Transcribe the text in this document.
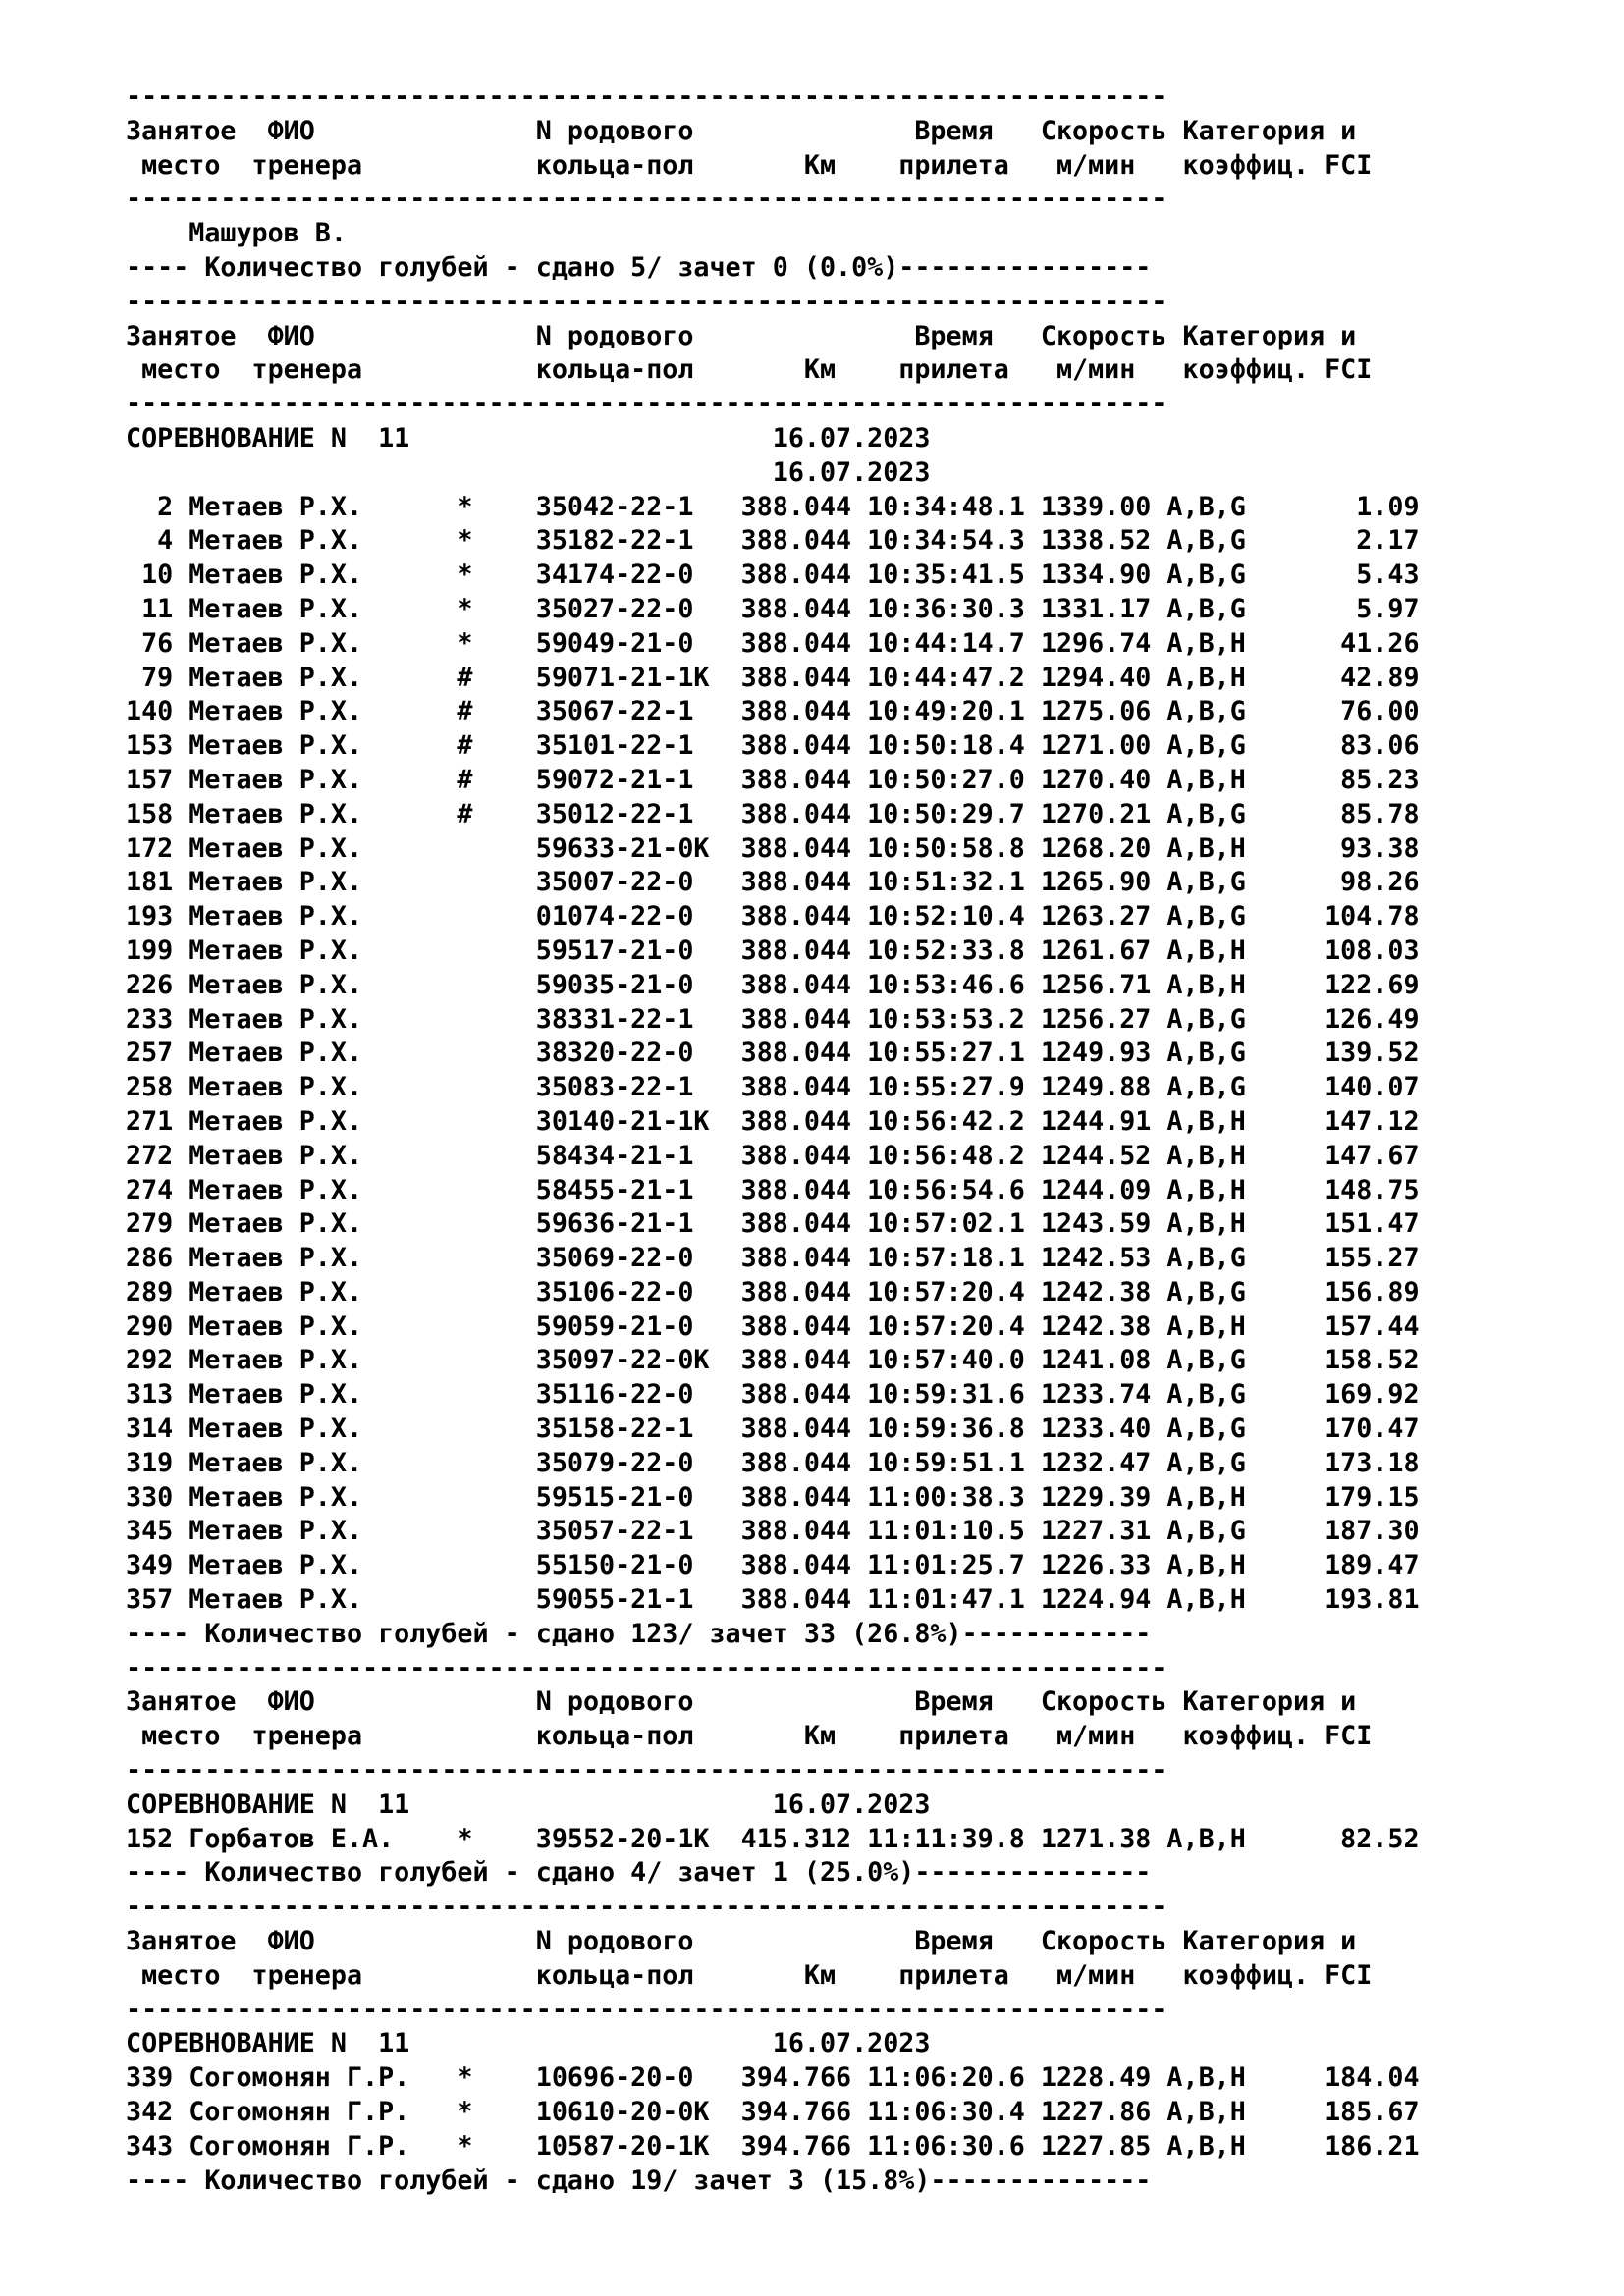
------------------------------------------------------------------
Занятое  ФИО              N родового              Время   Скорость Категория и
место  тренера           кольца-пол       Км    прилета   м/мин   коэффиц. FCI
------------------------------------------------------------------
Машуров В.
---- Количество голубей - сдано 5/ зачет 0 (0.0%)----------------
------------------------------------------------------------------
Занятое  ФИО              N родового              Время   Скорость Категория и
место  тренера           кольца-пол       Км    прилета   м/мин   коэффиц. FCI
------------------------------------------------------------------
СОРЕВНОВАНИЕ N  11                       16.07.2023
16.07.2023
2 Метаев Р.Х.      *    35042-22-1   388.044 10:34:48.1 1339.00 A,B,G       1.09
4 Метаев Р.Х.      *    35182-22-1   388.044 10:34:54.3 1338.52 A,B,G       2.17
10 Метаев Р.Х.      *    34174-22-0   388.044 10:35:41.5 1334.90 A,B,G       5.43
11 Метаев Р.Х.      *    35027-22-0   388.044 10:36:30.3 1331.17 A,B,G       5.97
76 Метаев Р.Х.      *    59049-21-0   388.044 10:44:14.7 1296.74 A,B,H      41.26
79 Метаев Р.Х.      #    59071-21-1K  388.044 10:44:47.2 1294.40 A,B,H      42.89
140 Метаев Р.Х.      #    35067-22-1   388.044 10:49:20.1 1275.06 A,B,G      76.00
153 Метаев Р.Х.      #    35101-22-1   388.044 10:50:18.4 1271.00 A,B,G      83.06
157 Метаев Р.Х.      #    59072-21-1   388.044 10:50:27.0 1270.40 A,B,H      85.23
158 Метаев Р.Х.      #    35012-22-1   388.044 10:50:29.7 1270.21 A,B,G      85.78
172 Метаев Р.Х.           59633-21-0K  388.044 10:50:58.8 1268.20 A,B,H      93.38
181 Метаев Р.Х.           35007-22-0   388.044 10:51:32.1 1265.90 A,B,G      98.26
193 Метаев Р.Х.           01074-22-0   388.044 10:52:10.4 1263.27 A,B,G     104.78
199 Метаев Р.Х.           59517-21-0   388.044 10:52:33.8 1261.67 A,B,H     108.03
226 Метаев Р.Х.           59035-21-0   388.044 10:53:46.6 1256.71 A,B,H     122.69
233 Метаев Р.Х.           38331-22-1   388.044 10:53:53.2 1256.27 A,B,G     126.49
257 Метаев Р.Х.           38320-22-0   388.044 10:55:27.1 1249.93 A,B,G     139.52
258 Метаев Р.Х.           35083-22-1   388.044 10:55:27.9 1249.88 A,B,G     140.07
271 Метаев Р.Х.           30140-21-1K  388.044 10:56:42.2 1244.91 A,B,H     147.12
272 Метаев Р.Х.           58434-21-1   388.044 10:56:48.2 1244.52 A,B,H     147.67
274 Метаев Р.Х.           58455-21-1   388.044 10:56:54.6 1244.09 A,B,H     148.75
279 Метаев Р.Х.           59636-21-1   388.044 10:57:02.1 1243.59 A,B,H     151.47
286 Метаев Р.Х.           35069-22-0   388.044 10:57:18.1 1242.53 A,B,G     155.27
289 Метаев Р.Х.           35106-22-0   388.044 10:57:20.4 1242.38 A,B,G     156.89
290 Метаев Р.Х.           59059-21-0   388.044 10:57:20.4 1242.38 A,B,H     157.44
292 Метаев Р.Х.           35097-22-0K  388.044 10:57:40.0 1241.08 A,B,G     158.52
313 Метаев Р.Х.           35116-22-0   388.044 10:59:31.6 1233.74 A,B,G     169.92
314 Метаев Р.Х.           35158-22-1   388.044 10:59:36.8 1233.40 A,B,G     170.47
319 Метаев Р.Х.           35079-22-0   388.044 10:59:51.1 1232.47 A,B,G     173.18
330 Метаев Р.Х.           59515-21-0   388.044 11:00:38.3 1229.39 A,B,H     179.15
345 Метаев Р.Х.           35057-22-1   388.044 11:01:10.5 1227.31 A,B,G     187.30
349 Метаев Р.Х.           55150-21-0   388.044 11:01:25.7 1226.33 A,B,H     189.47
357 Метаев Р.Х.           59055-21-1   388.044 11:01:47.1 1224.94 A,B,H     193.81
---- Количество голубей - сдано 123/ зачет 33 (26.8%)------------
------------------------------------------------------------------
Занятое  ФИО              N родового              Время   Скорость Категория и
место  тренера           кольца-пол       Км    прилета   м/мин   коэффиц. FCI
------------------------------------------------------------------
СОРЕВНОВАНИЕ N  11                       16.07.2023
152 Горбатов Е.А.    *    39552-20-1K  415.312 11:11:39.8 1271.38 A,B,H      82.52
---- Количество голубей - сдано 4/ зачет 1 (25.0%)---------------
------------------------------------------------------------------
Занятое  ФИО              N родового              Время   Скорость Категория и
место  тренера           кольца-пол       Км    прилета   м/мин   коэффиц. FCI
------------------------------------------------------------------
СОРЕВНОВАНИЕ N  11                       16.07.2023
339 Согомонян Г.Р.   *    10696-20-0   394.766 11:06:20.6 1228.49 A,B,H     184.04
342 Согомонян Г.Р.   *    10610-20-0K  394.766 11:06:30.4 1227.86 A,B,H     185.67
343 Согомонян Г.Р.   *    10587-20-1K  394.766 11:06:30.6 1227.85 A,B,H     186.21
---- Количество голубей - сдано 19/ зачет 3 (15.8%)--------------
